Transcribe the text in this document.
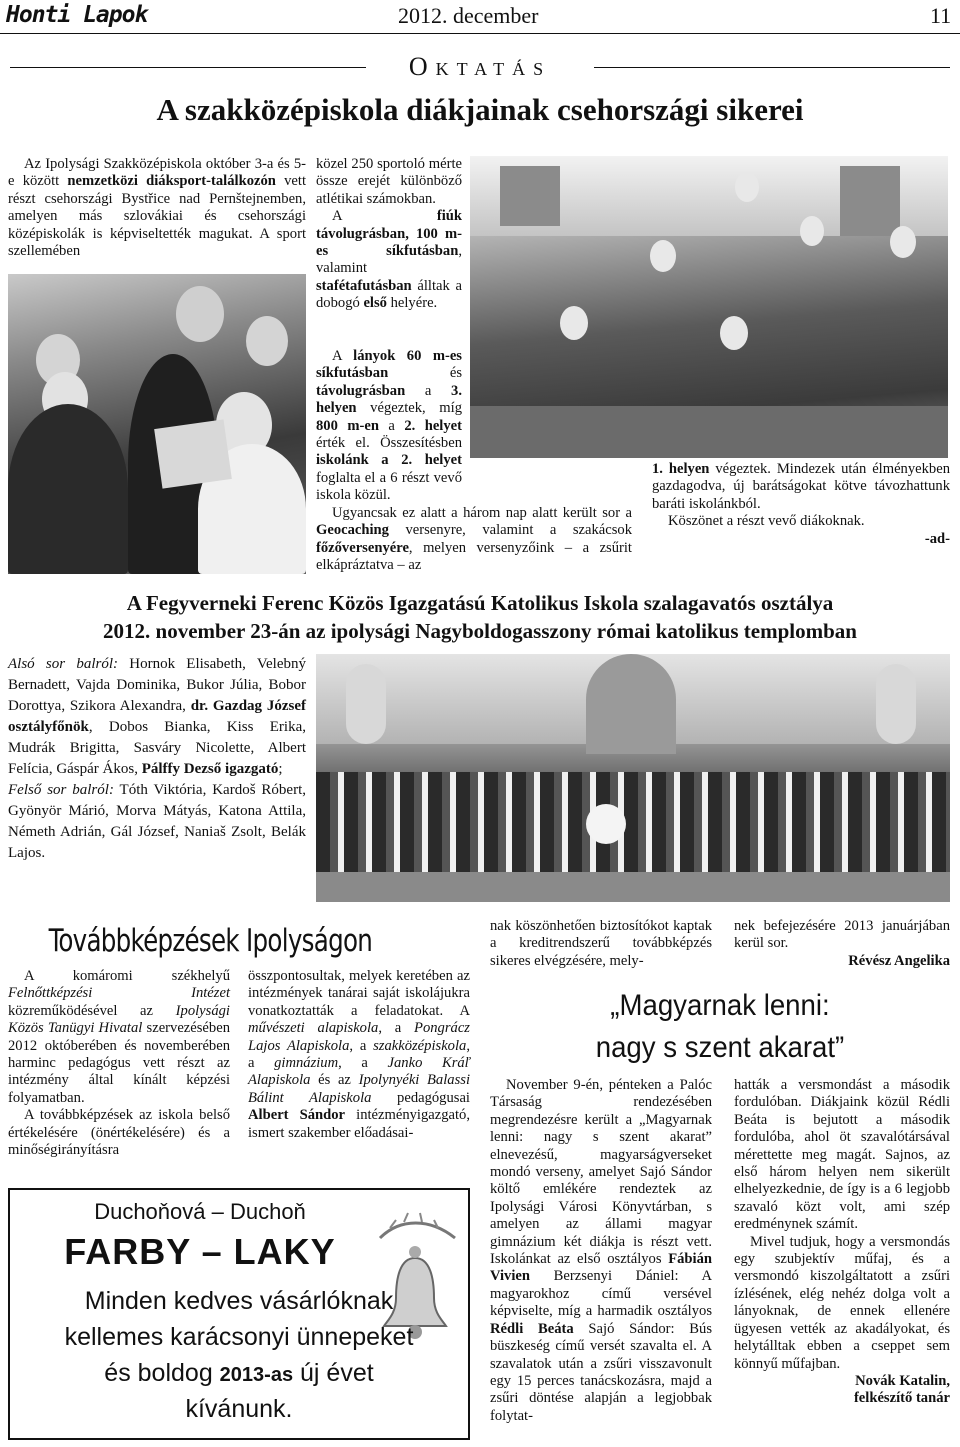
Honti Lapok	2012. december	11
Oktatás
A szakközépiskola diákjainak csehországi sikerei

Az Ipolysági Szakközépiskola október 3-a és 5-e között nemzetközi diáksport-találkozón vett részt csehországi Bystřice nad Pernštejnemben, amelyen más szlovákiai és csehországi középiskolák is képviseltették magukat. A sport szellemében

közel 250 sportoló mérte össze erejét különböző atlétikai számokban.

A fiúk távolugrásban, 100 m-es síkfutásban, valamint stafétafutásban álltak a dobogó első helyére.

A lányok 60 m-es síkfutásban és távolugrásban a 3. helyen végeztek, míg 800 m-en a 2. helyet érték el. Összesítésben iskolánk a 2. helyet foglalta el a 6 részt vevő iskola közül.

Ugyancsak ez alatt a három nap alatt került sor a Geocaching versenyre, valamint a szakácsok főzőversenyére, melyen versenyzőink – a zsűrit elkápráztatva – az

1. helyen végeztek. Mindezek után élményekben gazdagodva, új barátságokat kötve távozhattunk baráti iskolánkból.

Köszönet a részt vevő diákoknak.

-ad-

A Fegyverneki Ferenc Közös Igazgatású Katolikus Iskola szalagavatós osztálya
2012. november 23-án az ipolysági Nagyboldogasszony római katolikus templomban

Alsó sor balról: Hornok Elisabeth, Velebný Bernadett, Vajda Dominika, Bukor Júlia, Bobor Dorottya, Szikora Alexandra, dr. Gazdag József osztályfőnök, Dobos Bianka, Kiss Erika, Mudrák Brigitta, Sasváry Nicolette, Albert Felícia, Gáspár Ákos, Pálffy Dezső igazgató;

Felső sor balról: Tóth Viktória, Kardoš Róbert, Gyönyör Márió, Morva Mátyás, Katona Attila, Németh Adrián, Gál József, Naniaš Zsolt, Belák Lajos.

Továbbképzések Ipolyságon

A komáromi székhelyű Felnőttképzési Intézet közreműködésével az Ipolysági Közös Tanügyi Hivatal szervezésében 2012 októberében és novemberében harminc pedagógus vett részt az intézmény által kínált képzési folyamatban.

A továbbképzések az iskola belső értékelésére (önértékelésére) és a minőségirányításra

összpontosultak, melyek keretében az intézmények tanárai saját iskolájukra vonatkoztatták a feladatokat. A művészeti alapiskola, a Pongrácz Lajos Alapiskola, a szakközépiskola, a gimnázium, a Janko Kráľ Alapiskola és az Ipolynyéki Balassi Bálint Alapiskola pedagógusai Albert Sándor intézményigazgató, ismert szakember előadásai-

nak köszönhetően biztosítókot kaptak a kreditrendszerű továbbképzés sikeres elvégzésére, mely-

nek befejezésére 2013 januárjában kerül sor.

Révész Angelika

Duchoňová – Duchoň
FARBY – LAKY
Minden kedves vásárlóknak
kellemes karácsonyi ünnepeket
és boldog 2013-as új évet
kívánunk.
„Magyarnak lenni:
nagy s szent akarat”

November 9-én, pénteken a Palóc Társaság rendezésében megrendezésre került a „Magyarnak lenni: nagy s szent akarat” elnevezésű, magyarságverseket mondó verseny, amelyet Sajó Sándor költő emlékére rendeztek az Ipolysági Városi Könyvtárban, s amelyen az állami magyar gimnázium két diákja is részt vett. Iskolánkat az első osztályos Fábián Vivien Berzsenyi Dániel: A magyarokhoz című versével képviselte, míg a harmadik osztályos Rédli Beáta Sajó Sándor: Bús büszkeség című versét szavalta el. A szavalatok után a zsűri visszavonult egy 15 perces tanácskozásra, majd a zsűri döntése alapján a legjobbak folytat-

hatták a versmondást a második fordulóban. Diákjaink közül Rédli Beáta is bejutott a második fordulóba, ahol öt szavalótársával mérettette meg magát. Sajnos, az első három helyen nem sikerült elhelyezkednie, de így is a 6 legjobb szavaló közt volt, ami szép eredménynek számít.

Mivel tudjuk, hogy a versmondás egy szubjektív műfaj, és a versmondó kiszolgáltatott a zsűri ízlésének, elég nehéz dolga volt a lányoknak, de ennek ellenére ügyesen vették az akadályokat, és helytálltak ebben a cseppet sem könnyű műfajban.

Novák Katalin,

felkészítő tanár
